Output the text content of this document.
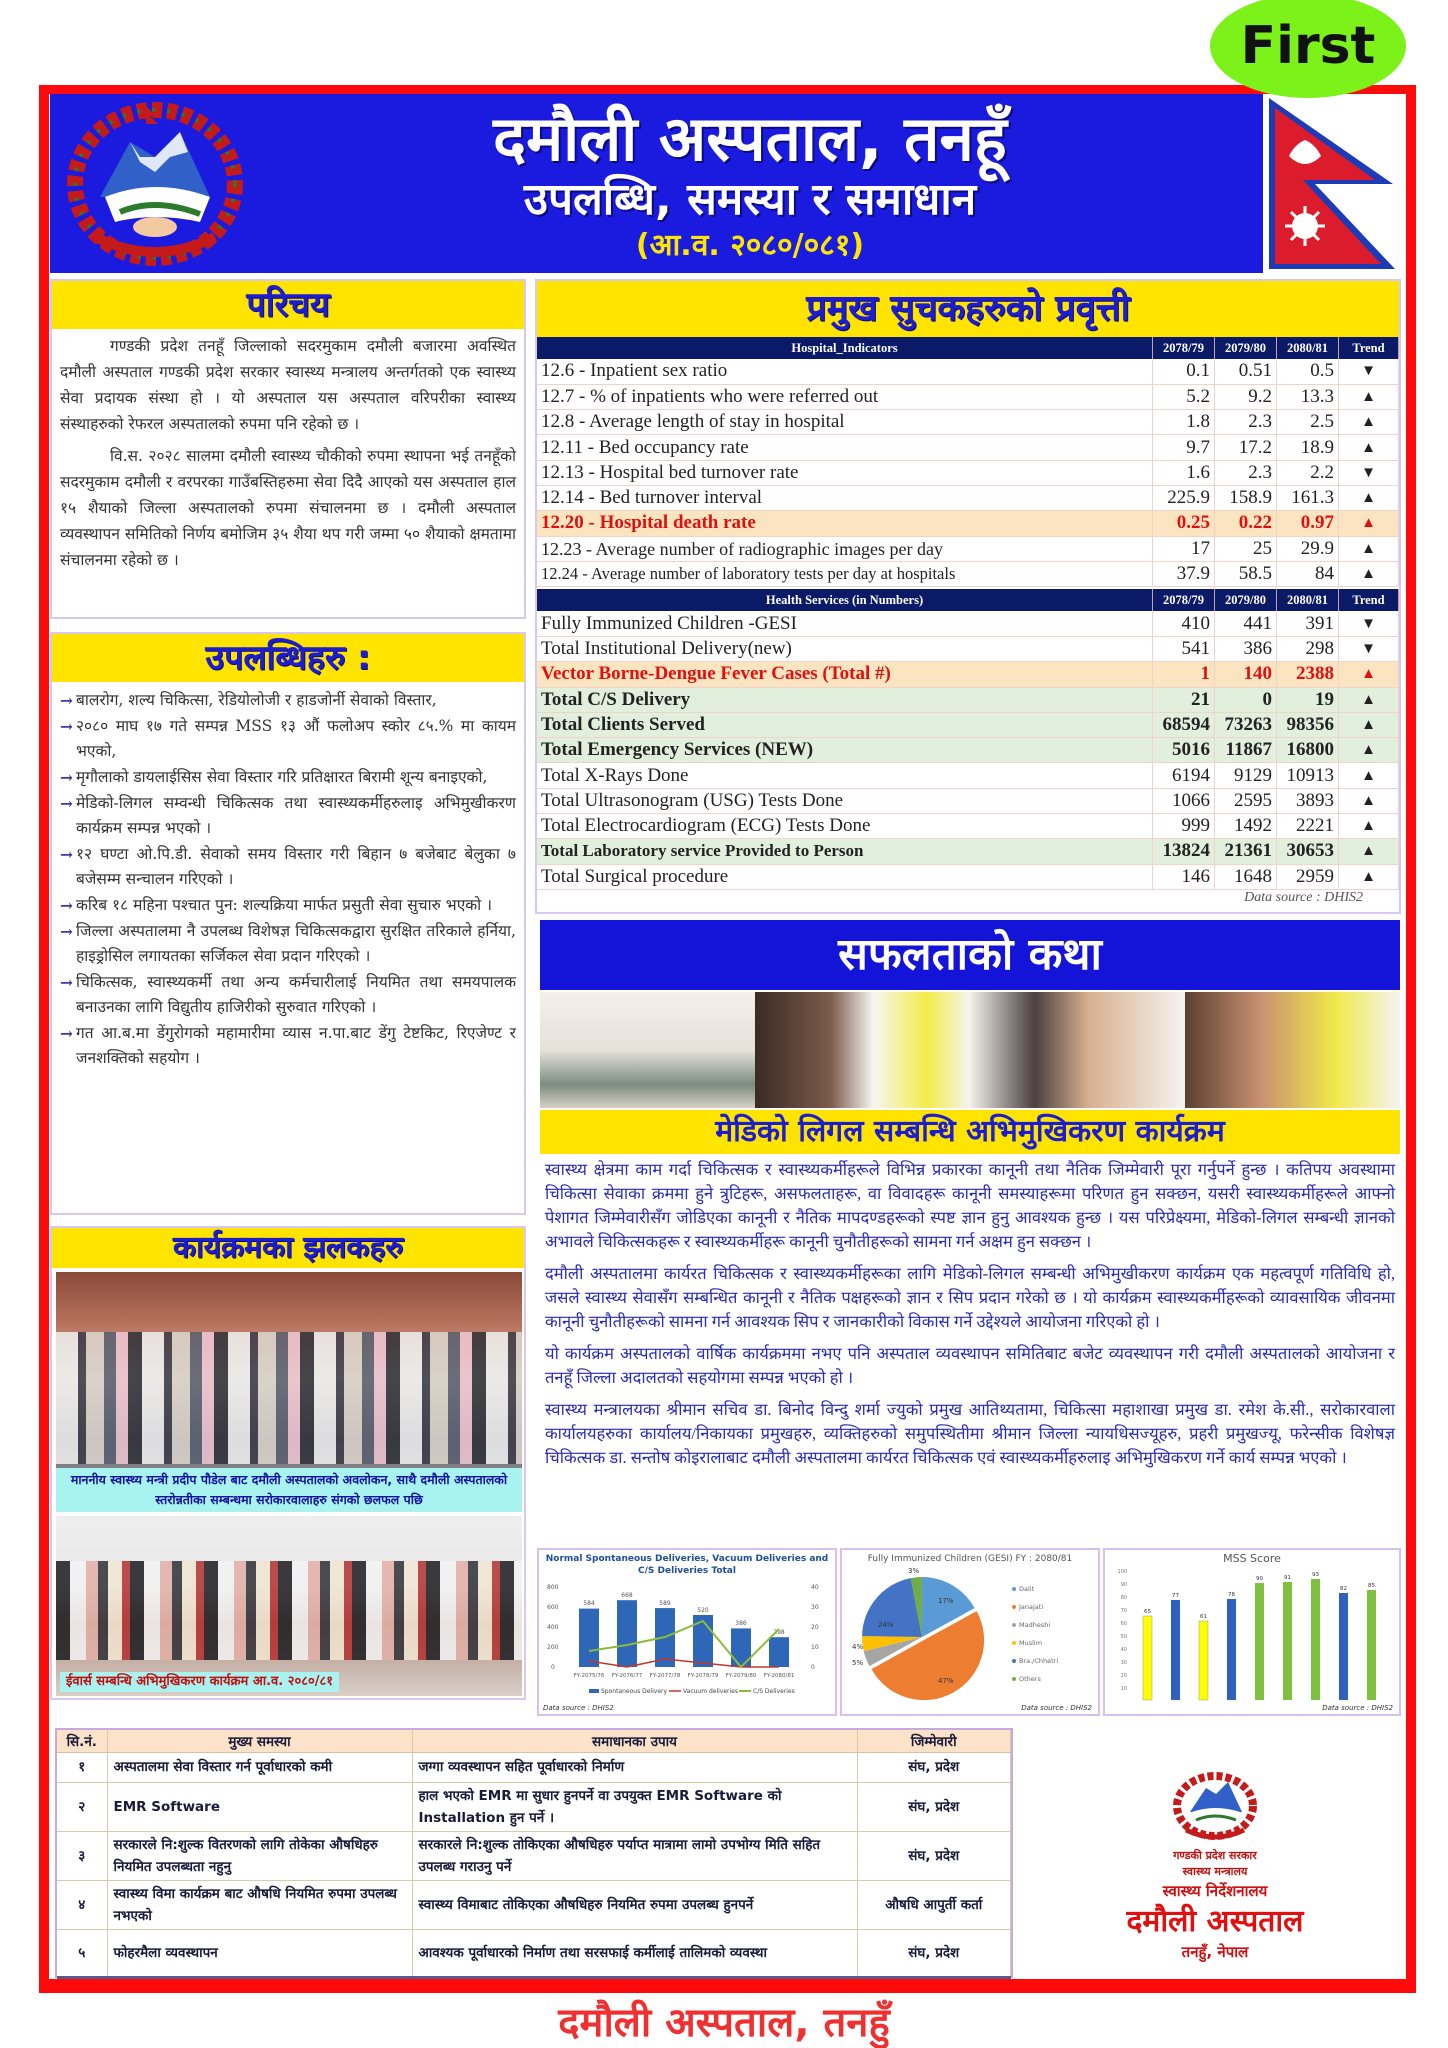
First
दमौली अस्पताल, तनहूँ
उपलब्धि, समस्या र समाधान
(आ.व. २०८०/०८१)
परिचय

गण्डकी प्रदेश तनहूँ जिल्लाको सदरमुकाम दमौली बजारमा अवस्थित दमौली अस्पताल गण्डकी प्रदेश सरकार स्वास्थ्य मन्त्रालय अन्तर्गतको एक स्वास्थ्य सेवा प्रदायक संस्था हो । यो अस्पताल यस अस्पताल वरिपरीका स्वास्थ्य संस्थाहरुको रेफरल अस्पतालको रुपमा पनि रहेको छ ।

वि.स. २०२८ सालमा दमौली स्वास्थ्य चौकीको रुपमा स्थापना भई तनहूँको सदरमुकाम दमौली र वरपरका गाउँबस्तिहरुमा सेवा दिदै आएको यस अस्पताल हाल १५ शैयाको जिल्ला अस्पतालको रुपमा संचालनमा छ । दमौली अस्पताल व्यवस्थापन समितिको निर्णय बमोजिम ३५ शैया थप गरी जम्मा ५० शैयाको क्षमतामा संचालनमा रहेको छ ।

उपलब्धिहरु :
→ बालरोग, शल्य चिकित्सा, रेडियोलोजी र हाडजोर्नी सेवाको विस्तार,
→ २०८० माघ १७ गते सम्पन्न MSS १३ औं फलोअप स्कोर ८५.% मा कायम भएको,
→ मृगौलाको डायलाईसिस सेवा विस्तार गरि प्रतिक्षारत बिरामी शून्य बनाइएको,
→ मेडिको-लिगल सम्वन्धी चिकित्सक तथा स्वास्थ्यकर्मीहरुलाइ अभिमुखीकरण कार्यक्रम सम्पन्न भएको ।
→ १२ घण्टा ओ.पि.डी. सेवाको समय विस्तार गरी बिहान ७ बजेबाट बेलुका ७ बजेसम्म सन्चालन गरिएको ।
→ करिब १८ महिना पश्चात पुन: शल्यक्रिया मार्फत प्रसुती सेवा सुचारु भएको ।
→ जिल्ला अस्पतालमा नै उपलब्ध विशेषज्ञ चिकित्सकद्वारा सुरक्षित तरिकाले हर्निया, हाइड्रोसिल लगायतका सर्जिकल सेवा प्रदान गरिएको ।
→ चिकित्सक, स्वास्थ्यकर्मी तथा अन्य कर्मचारीलाई नियमित तथा समयपालक बनाउनका लागि विद्युतीय हाजिरीको सुरुवात गरिएको ।
→ गत आ.ब.मा डेंगुरोगको महामारीमा व्यास न.पा.बाट डेंगु टेष्टकिट, रिएजेण्ट र जनशक्तिको सहयोग ।
कार्यक्रमका झलकहरु
माननीय स्वास्थ्य मन्त्री प्रदीप पौडेल बाट दमौली अस्पतालको अवलोकन, साथै दमौली अस्पतालको स्तरोन्नतीका सम्बन्धमा सरोकारवालाहरु संगको छलफल पछि
ईवार्स सम्बन्धि अभिमुखिकरण कार्यक्रम आ.व. २०८०/८१
प्रमुख सुचकहरुको प्रवृत्ती
Hospital_Indicators	2078/79	2079/80	2080/81	Trend
12.6 - Inpatient sex ratio	0.1	0.51	0.5	▼
12.7 - % of inpatients who were referred out	5.2	9.2	13.3	▲
12.8 - Average length of stay in hospital	1.8	2.3	2.5	▲
12.11 - Bed occupancy rate	9.7	17.2	18.9	▲
12.13 - Hospital bed turnover rate	1.6	2.3	2.2	▼
12.14 - Bed turnover interval	225.9	158.9	161.3	▲
12.20 - Hospital death rate	0.25	0.22	0.97	▲
12.23 - Average number of radiographic images per day	17	25	29.9	▲
12.24 - Average number of laboratory tests per day at hospitals	37.9	58.5	84	▲
Health Services (in Numbers)	2078/79	2079/80	2080/81	Trend
Fully Immunized Children -GESI	410	441	391	▼
Total Institutional Delivery(new)	541	386	298	▼
Vector Borne-Dengue Fever Cases (Total #)	1	140	2388	▲
Total C/S Delivery	21	0	19	▲
Total Clients Served	68594	73263	98356	▲
Total Emergency Services (NEW)	5016	11867	16800	▲
Total X-Rays Done	6194	9129	10913	▲
Total Ultrasonogram (USG) Tests Done	1066	2595	3893	▲
Total Electrocardiogram (ECG) Tests Done	999	1492	2221	▲
Total Laboratory service Provided to Person	13824	21361	30653	▲
Total Surgical procedure	146	1648	2959	▲
Data source : DHIS2
सफलताको कथा
मेडिको लिगल सम्बन्धि अभिमुखिकरण कार्यक्रम

स्वास्थ्य क्षेत्रमा काम गर्दा चिकित्सक र स्वास्थ्यकर्मीहरूले विभिन्न प्रकारका कानूनी तथा नैतिक जिम्मेवारी पूरा गर्नुपर्ने हुन्छ । कतिपय अवस्थामा चिकित्सा सेवाका क्रममा हुने त्रुटिहरू, असफलताहरू, वा विवादहरू कानूनी समस्याहरूमा परिणत हुन सक्छन, यसरी स्वास्थ्यकर्मीहरूले आफ्नो पेशागत जिम्मेवारीसँग जोडिएका कानूनी र नैतिक मापदण्डहरूको स्पष्ट ज्ञान हुनु आवश्यक हुन्छ । यस परिप्रेक्ष्यमा, मेडिको-लिगल सम्बन्धी ज्ञानको अभावले चिकित्सकहरू र स्वास्थ्यकर्मीहरू कानूनी चुनौतीहरूको सामना गर्न अक्षम हुन सक्छन ।

दमौली अस्पतालमा कार्यरत चिकित्सक र स्वास्थ्यकर्मीहरूका लागि मेडिको-लिगल सम्बन्धी अभिमुखीकरण कार्यक्रम एक महत्वपूर्ण गतिविधि हो, जसले स्वास्थ्य सेवासँग सम्बन्धित कानूनी र नैतिक पक्षहरूको ज्ञान र सिप प्रदान गरेको छ । यो कार्यक्रम स्वास्थ्यकर्मीहरूको व्यावसायिक जीवनमा कानूनी चुनौतीहरूको सामना गर्न आवश्यक सिप र जानकारीको विकास गर्ने उद्देश्यले आयोजना गरिएको हो ।

यो कार्यक्रम अस्पतालको वार्षिक कार्यक्रममा नभए पनि अस्पताल व्यवस्थापन समितिबाट बजेट व्यवस्थापन गरी दमौली अस्पतालको आयोजना र तनहूँ जिल्ला अदालतको सहयोगमा सम्पन्न भएको हो ।

स्वास्थ्य मन्त्रालयका श्रीमान सचिव डा. बिनोद विन्दु शर्मा ज्युको प्रमुख आतिथ्यतामा, चिकित्सा महाशाखा प्रमुख डा. रमेश के.सी., सरोकारवाला कार्यालयहरुका कार्यालय/निकायका प्रमुखहरु, व्यक्तिहरुको समुपस्थितीमा श्रीमान जिल्ला न्यायधिसज्यूहरु, प्रहरी प्रमुखज्यू, फरेन्सीक विशेषज्ञ चिकित्सक डा. सन्तोष कोइरालाबाट दमौली अस्पतालमा कार्यरत चिकित्सक एवं स्वास्थ्यकर्मीहरुलाइ अभिमुखिकरण गर्ने कार्य सम्पन्न भएको ।

Normal Spontaneous Deliveries, Vacuum Deliveries and C/S Deliveries Total
800
600
400
200
0
40
30
20
10
0
584
668
589
520
386
298
FY-2075/76 FY-2076/77 FY-2077/78 FY-2078/79 FY-2079/80 FY-2080/81
Spontaneous Delivery	Vacuum deliveries	C/S Deliveries
Data source : DHIS2
Fully Immunized Children (GESI) FY : 2080/81
17%
47%
24%
5%
4%
3%
Dalit
Janajati
Madheshi
Muslim
Bra./Chhetri
Others
Data source : DHIS2
MSS Score
100
90
80
70
60
50
40
30
20
10
65
77
61
78
90	91	93
82	85
Data source : DHIS2
सि.नं.	मुख्य समस्या	समाधानका उपाय	जिम्मेवारी
१	अस्पतालमा सेवा विस्तार गर्न पूर्वाधारको कमी	जग्गा व्यवस्थापन सहित पूर्वाधारको निर्माण	संघ, प्रदेश
२	EMR Software	हाल भएको EMR मा सुधार हुनपर्ने वा उपयुक्त EMR Software को Installation हुन पर्ने ।	संघ, प्रदेश
३	सरकारले नि:शुल्क वितरणको लागि तोकेका औषधिहरु नियमित उपलब्धता नहुनु	सरकारले नि:शुल्क तोकिएका औषधिहरु पर्याप्त मात्रामा लामो उपभोग्य मिति सहित उपलब्ध गराउनु पर्ने	संघ, प्रदेश
४	स्वास्थ्य विमा कार्यक्रम बाट औषधि नियमित रुपमा उपलब्ध नभएको	स्वास्थ्य विमाबाट तोकिएका औषधिहरु नियमित रुपमा उपलब्ध हुनपर्ने	औषधि आपुर्ती कर्ता
५	फोहरमैला व्यवस्थापन	आवश्यक पूर्वाधारको निर्माण तथा सरसफाई कर्मीलाई तालिमको व्यवस्था	संघ, प्रदेश
गण्डकी प्रदेश सरकार
स्वास्थ्य मन्त्रालय
स्वास्थ्य निर्देशनालय
दमौली अस्पताल
तनहुँ, नेपाल
दमौली अस्पताल, तनहुँ
